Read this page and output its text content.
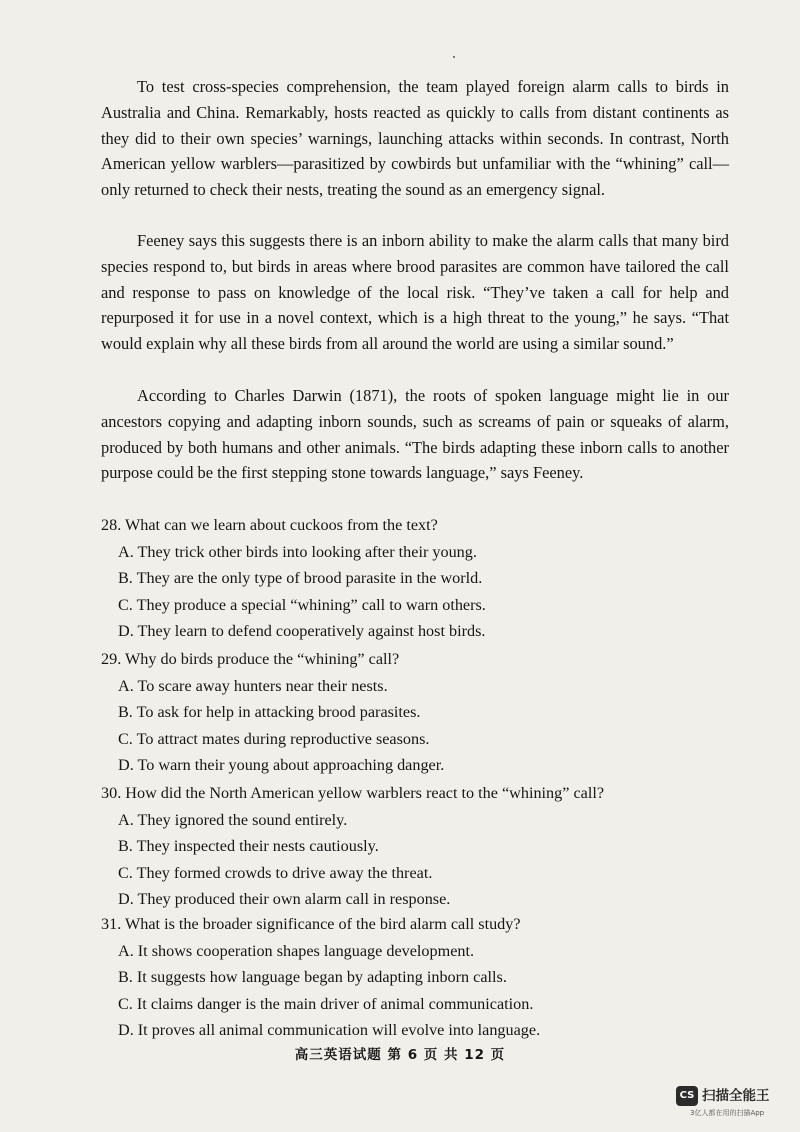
To test cross-species comprehension, the team played foreign alarm calls to birds in Australia and China. Remarkably, hosts reacted as quickly to calls from distant continents as they did to their own species’ warnings, launching attacks within seconds. In contrast, North American yellow warblers—parasitized by cowbirds but unfamiliar with the “whining” call—only returned to check their nests, treating the sound as an emergency signal.

Feeney says this suggests there is an inborn ability to make the alarm calls that many bird species respond to, but birds in areas where brood parasites are common have tailored the call and response to pass on knowledge of the local risk. “They’ve taken a call for help and repurposed it for use in a novel context, which is a high threat to the young,” he says. “That would explain why all these birds from all around the world are using a similar sound.”

According to Charles Darwin (1871), the roots of spoken language might lie in our ancestors copying and adapting inborn sounds, such as screams of pain or squeaks of alarm, produced by both humans and other animals. “The birds adapting these inborn calls to another purpose could be the first stepping stone towards language,” says Feeney.

28. What can we learn about cuckoos from the text?

A. They trick other birds into looking after their young.

B. They are the only type of brood parasite in the world.

C. They produce a special “whining” call to warn others.

D. They learn to defend cooperatively against host birds.

29. Why do birds produce the “whining” call?

A. To scare away hunters near their nests.

B. To ask for help in attacking brood parasites.

C. To attract mates during reproductive seasons.

D. To warn their young about approaching danger.

30. How did the North American yellow warblers react to the “whining” call?

A. They ignored the sound entirely.

B. They inspected their nests cautiously.

C. They formed crowds to drive away the threat.

D. They produced their own alarm call in response.

31. What is the broader significance of the bird alarm call study?

A. It shows cooperation shapes language development.

B. It suggests how language began by adapting inborn calls.

C. It claims danger is the main driver of animal communication.

D. It proves all animal communication will evolve into language.

高三英语试题 第 6 页 共 12 页
CS 扫描全能王
3亿人都在用的扫描App
